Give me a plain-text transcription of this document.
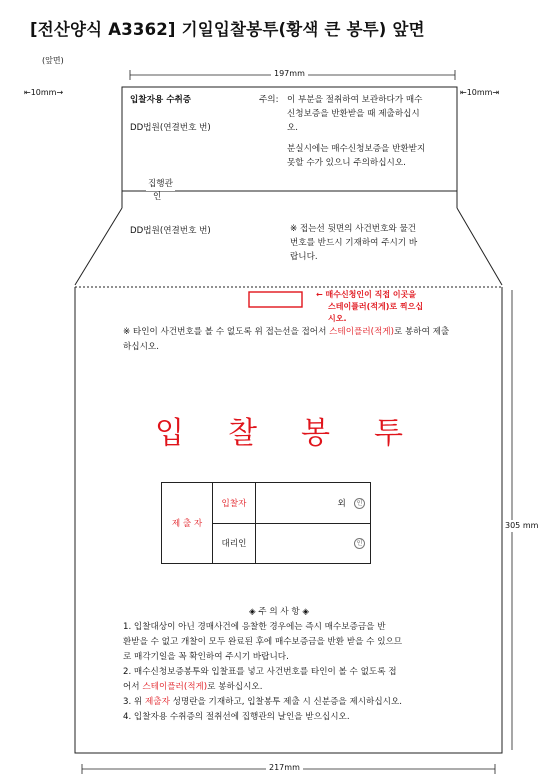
[전산양식 A3362] 기일입찰봉투(황색 큰 봉투) 앞면
(앞면)
197mm
⇤10mm→	⇤10mm⇥
305 mm
217mm
입찰자용 수취증	주의: 이 부분을 절취하여 보관하다가 매수
신청보증을 반환받을 때 제출하십시
오.
분실시에는 매수신청보증을 반환받지
못할 수가 있으니 주의하십시오.
DD법원(연결번호 번)
집행관
인
DD법원(연결번호 번)	※ 접는선 뒷면의 사건번호와 물건
번호를 반드시 기재하여 주시기 바
랍니다.
← 매수신청인이 직접 이곳을
스테이플러(적게)로 찍으십
시오.
※ 타인이 사건번호를 볼 수 없도록 위 접는선을 접어서 스테이플러(적게)로 봉하여 제출하십시오.
입찰봉투
제 출 자	입찰자	외 인
	대리인	인
◈ 주 의 사 항 ◈
1. 입찰대상이 아닌 경매사건에 응찰한 경우에는 즉시 매수보증금을 반
환받을 수 없고 개찰이 모두 완료된 후에 매수보증금을 반환 받을 수 있으므
로 매각기일을 꼭 확인하여 주시기 바랍니다.
2. 매수신청보증봉투와 입찰표를 넣고 사건번호를 타인이 볼 수 없도록 접
어서 스테이플러(적게)로 봉하십시오.
3. 위 제출자 성명란을 기재하고, 입찰봉투 제출 시 신분증을 제시하십시오.
4. 입찰자용 수취증의 절취선에 집행관의 날인을 받으십시오.
